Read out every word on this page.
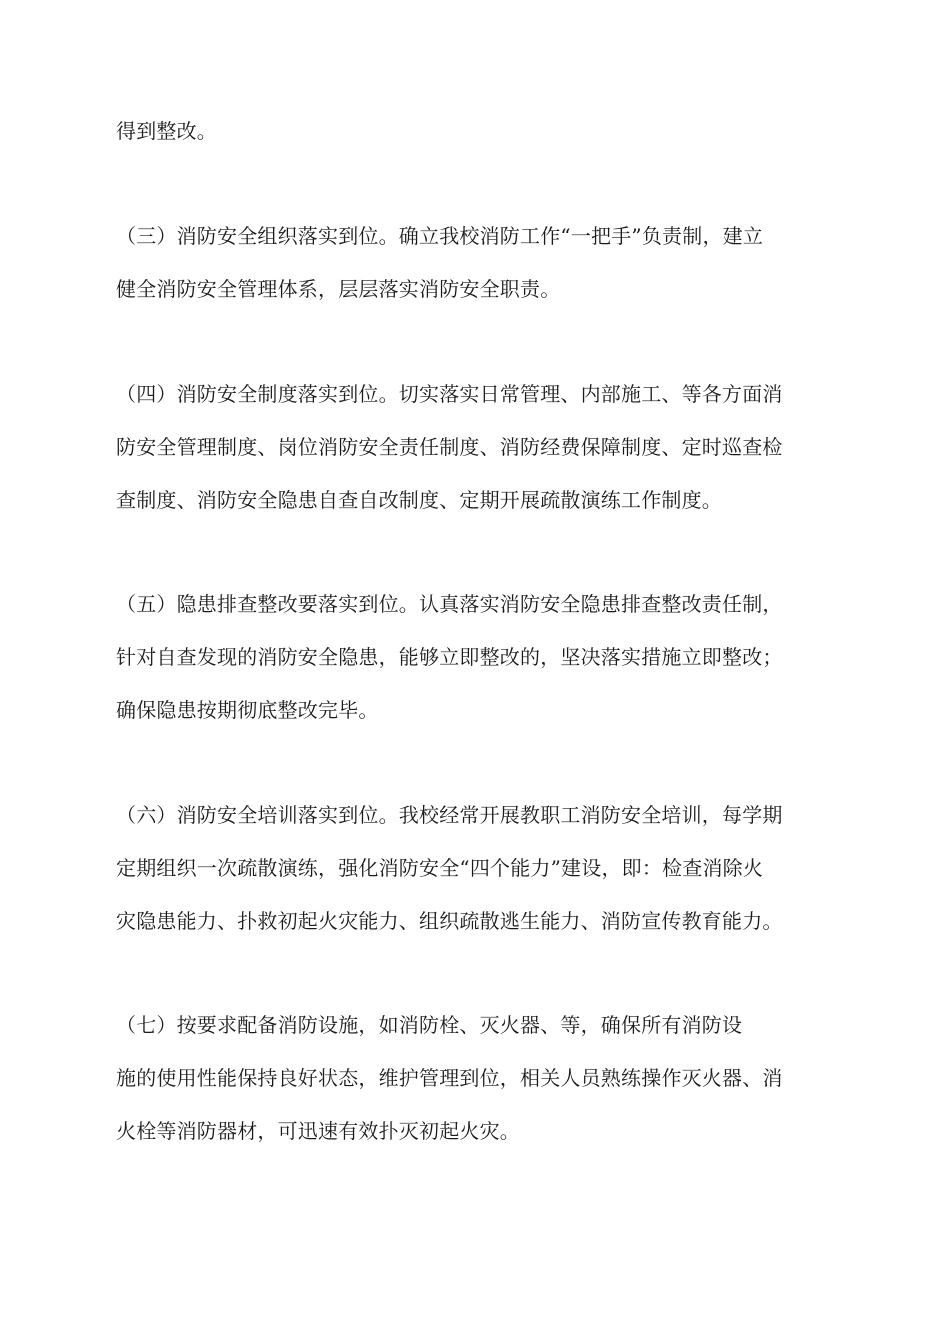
得到整改。

（三）消防安全组织落实到位。确立我校消防工作“一把手”负责制，建立

健全消防安全管理体系，层层落实消防安全职责。

（四）消防安全制度落实到位。切实落实日常管理、内部施工、等各方面消

防安全管理制度、岗位消防安全责任制度、消防经费保障制度、定时巡查检

查制度、消防安全隐患自查自改制度、定期开展疏散演练工作制度。

（五）隐患排查整改要落实到位。认真落实消防安全隐患排查整改责任制，

针对自查发现的消防安全隐患，能够立即整改的，坚决落实措施立即整改；

确保隐患按期彻底整改完毕。

（六）消防安全培训落实到位。我校经常开展教职工消防安全培训，每学期

定期组织一次疏散演练，强化消防安全“四个能力”建设，即：检查消除火

灾隐患能力、扑救初起火灾能力、组织疏散逃生能力、消防宣传教育能力。

（七）按要求配备消防设施，如消防栓、灭火器、等，确保所有消防设

施的使用性能保持良好状态，维护管理到位，相关人员熟练操作灭火器、消

火栓等消防器材，可迅速有效扑灭初起火灾。
